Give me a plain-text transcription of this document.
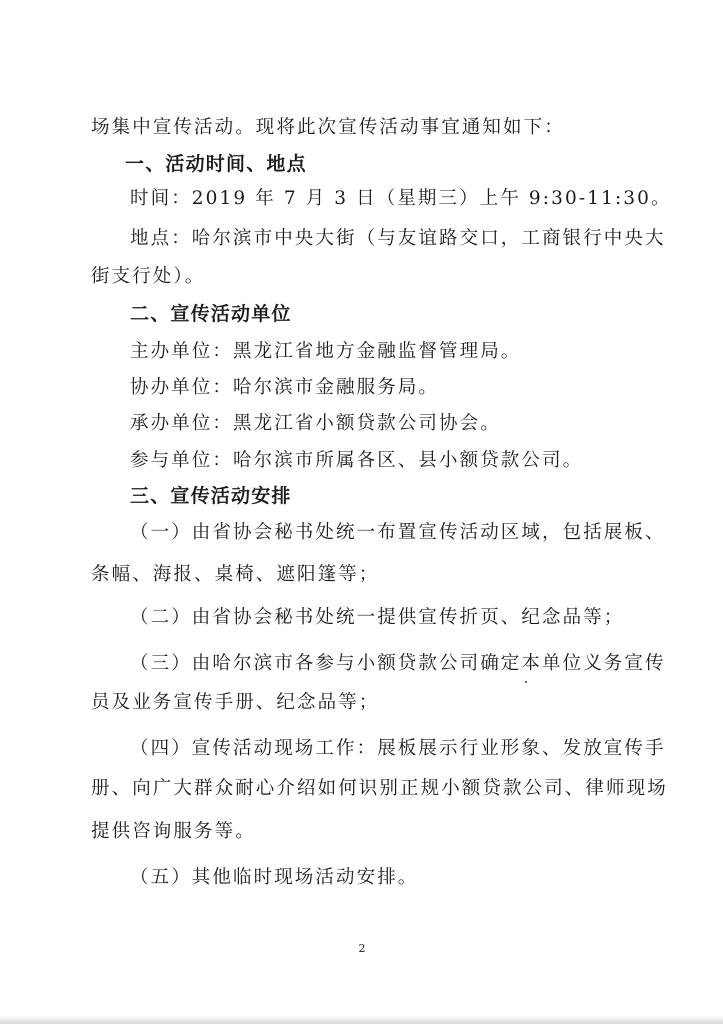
场集中宣传活动。现将此次宣传活动事宜通知如下：
一、活动时间、地点
时间：2019 年 7 月 3 日（星期三）上午 9:30-11:30。
地点：哈尔滨市中央大街（与友谊路交口，工商银行中央大
街支行处）。
二、宣传活动单位
主办单位：黑龙江省地方金融监督管理局。
协办单位：哈尔滨市金融服务局。
承办单位：黑龙江省小额贷款公司协会。
参与单位：哈尔滨市所属各区、县小额贷款公司。
三、宣传活动安排
（一）由省协会秘书处统一布置宣传活动区域，包括展板、
条幅、海报、桌椅、遮阳篷等；
（二）由省协会秘书处统一提供宣传折页、纪念品等；
（三）由哈尔滨市各参与小额贷款公司确定本单位义务宣传
员及业务宣传手册、纪念品等；
（四）宣传活动现场工作：展板展示行业形象、发放宣传手
册、向广大群众耐心介绍如何识别正规小额贷款公司、律师现场
提供咨询服务等。
（五）其他临时现场活动安排。
2
